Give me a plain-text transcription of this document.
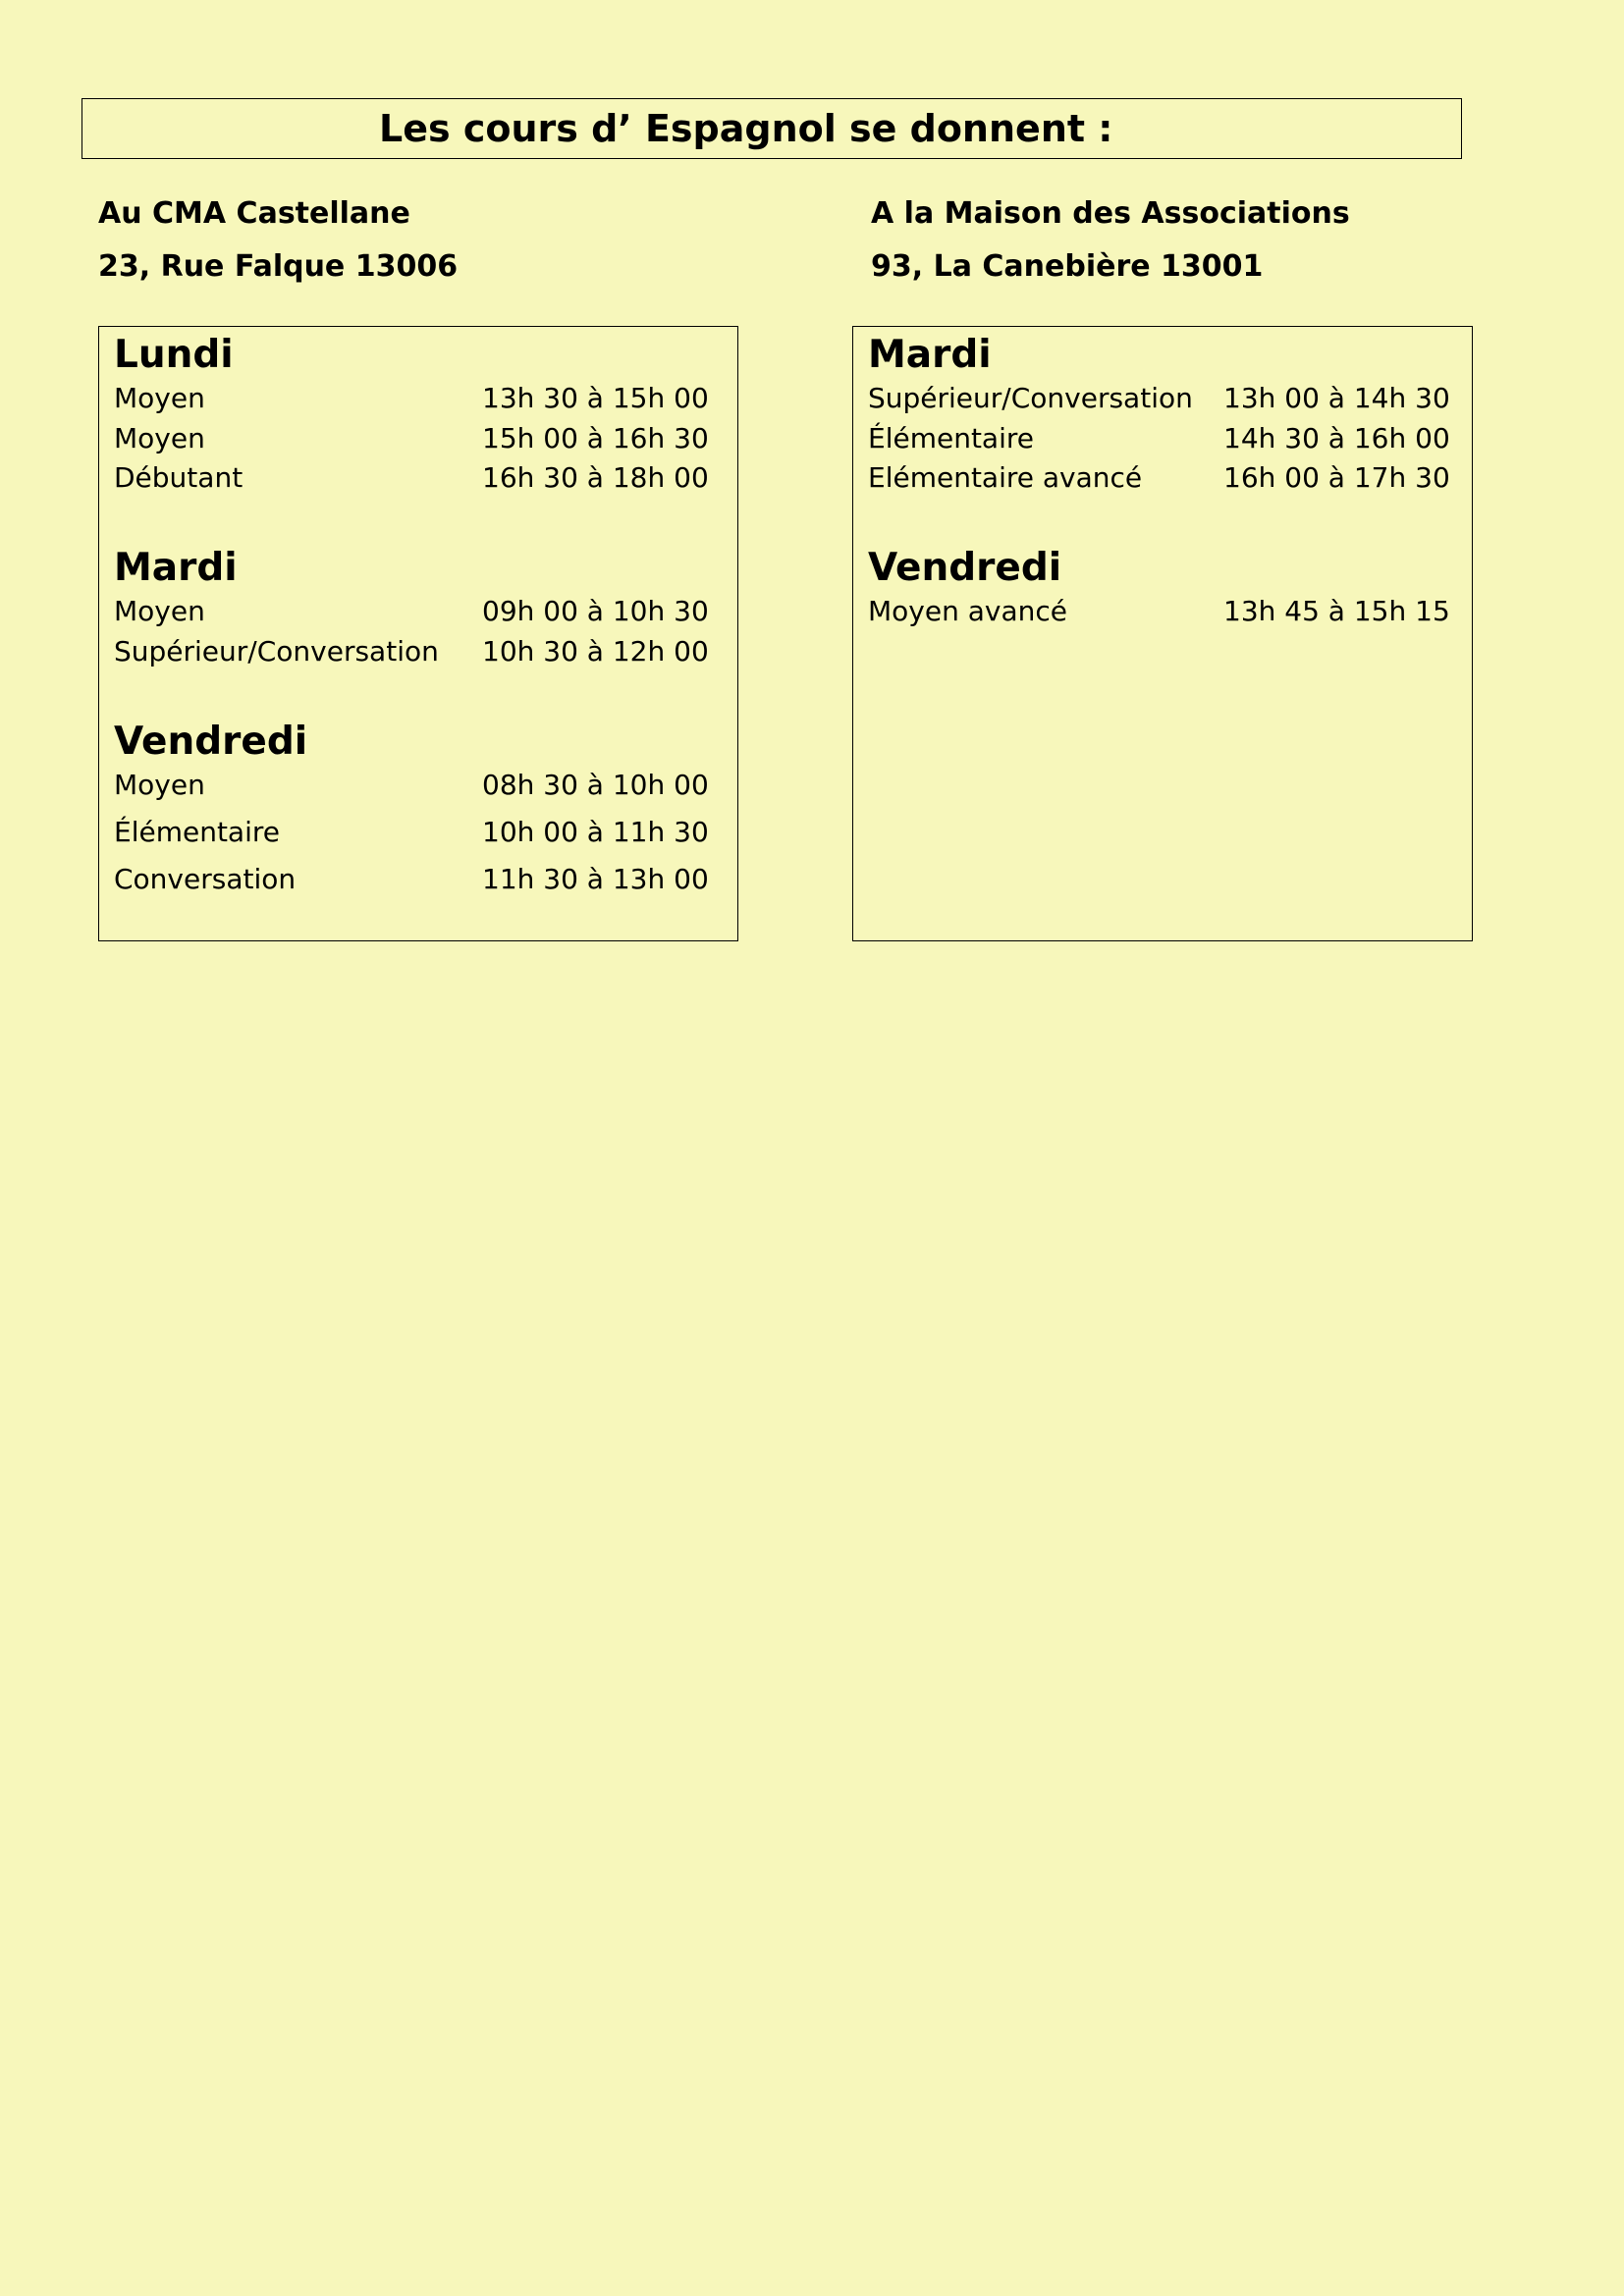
Les cours d’ Espagnol se donnent :
Au CMA Castellane
23, Rue Falque 13006
Lundi
Moyen	13h 30 à 15h 00
Moyen	15h 00 à 16h 30
Débutant	16h 30 à 18h 00
Mardi
Moyen	09h 00 à 10h 30
Supérieur/Conversation 10h 30 à 12h 00
Vendredi
Moyen	08h 30 à 10h 00
Élémentaire	10h 00 à 11h 30
Conversation	11h 30 à 13h 00
A la Maison des Associations
93, La Canebière 13001
Mardi
Supérieur/Conversation 13h 00 à 14h 30
Élémentaire	14h 30 à 16h 00
Elémentaire avancé	16h 00 à 17h 30
Vendredi
Moyen avancé	13h 45 à 15h 15
